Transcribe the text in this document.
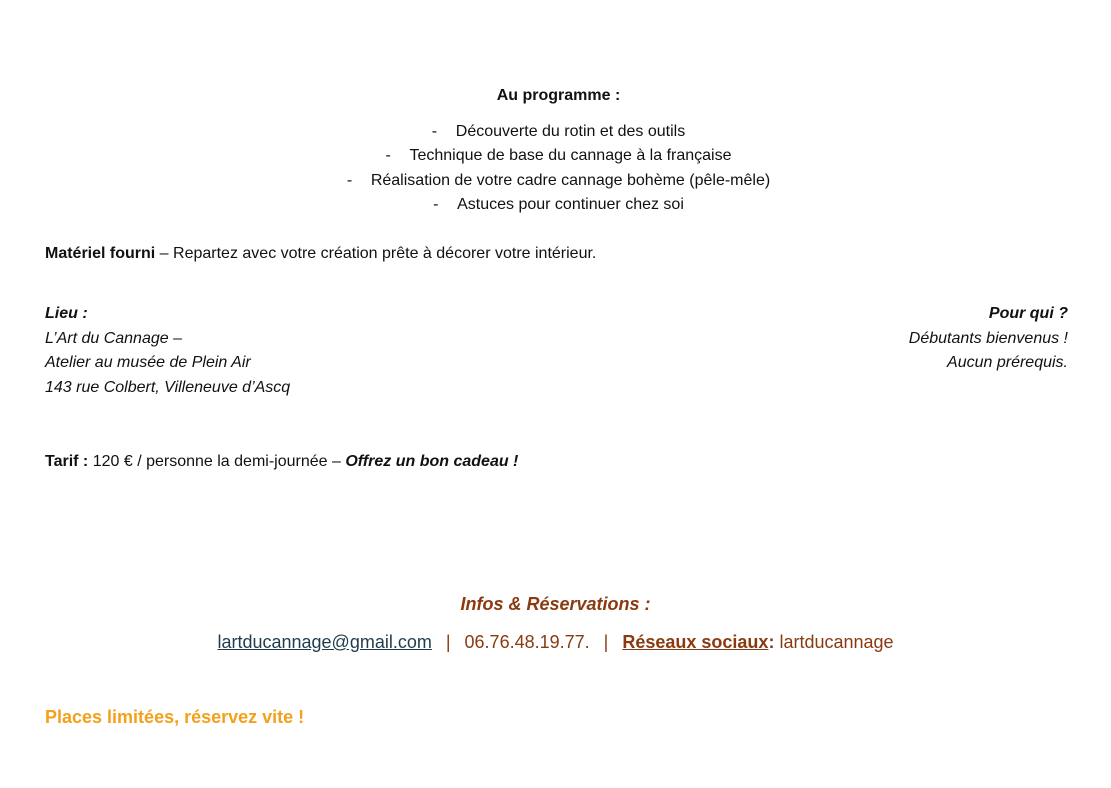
Au programme :
- Découverte du rotin et des outils
- Technique de base du cannage à la française
- Réalisation de votre cadre cannage bohème (pêle-mêle)
- Astuces pour continuer chez soi
Matériel fourni – Repartez avec votre création prête à décorer votre intérieur.
Lieu :
L’Art du Cannage –
Atelier au musée de Plein Air
143 rue Colbert, Villeneuve d’Ascq
Pour qui ?
Débutants bienvenus !
Aucun prérequis.
Tarif : 120 € / personne la demi-journée – Offrez un bon cadeau !
Infos & Réservations :
lartducannage@gmail.com | 06.76.48.19.77. | Réseaux sociaux: lartducannage
Places limitées, réservez vite !
